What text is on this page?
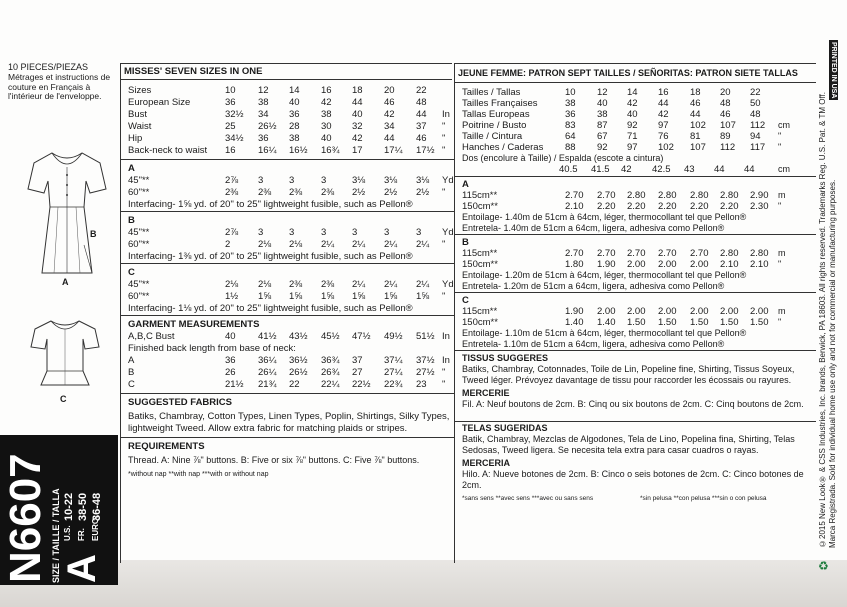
10 PIECES/PIEZAS
Métrages et instructions de couture en Français à l'intérieur de l'enveloppe.
B
A
C
N6607 SIZE / TAILLE / TALLA A
U.S.
10-22
FR.
38-50
EURO.
36-48
MISSES' SEVEN SIZES IN ONE
Sizes	10 12 14 16 18 20 22
European Size	36 38 40 42 44 46 48
Bust	32½ 34 36 38 40 42 44 In
Waist	25 26½ 28 30 32 34 37 "
Hip	34½ 36 38 40 42 44 46 "
Back-neck to waist 16 16¼ 16½ 16¾ 17 17¼ 17½ "
A
45"**	2⅞ 3	3	3	3⅛ 3⅛ 3⅛ Yd
60"**	2⅜ 2⅜ 2⅜ 2⅜ 2½ 2½ 2½ "
Interfacing- 1⅝ yd. of 20" to 25" lightweight fusible, such as Pellon®
B
45"**	2⅞ 3	3	3	3	3	3 Yd
60"**	2	2⅛ 2⅛ 2¼ 2¼ 2¼ 2¼ "
Interfacing- 1⅜ yd. of 20" to 25" lightweight fusible, such as Pellon®
C
45"**	2⅛ 2⅛ 2⅜ 2⅜ 2¼ 2¼ 2¼ Yd
60"**	1½ 1⅝ 1⅝ 1⅝ 1⅝ 1⅝ 1⅝ "
Interfacing- 1⅛ yd. of 20" to 25" lightweight fusible, such as Pellon®
GARMENT MEASUREMENTS
A,B,C Bust	40 41½ 43½ 45½ 47½ 49½ 51½ In
Finished back length from base of neck:
A	36 36¼ 36½ 36¾ 37 37¼ 37½ In
B	26 26¼ 26½ 26¾ 27 27¼ 27½ "
C	21½ 21¾ 22 22¼ 22½ 22¾ 23 "
SUGGESTED FABRICS
Batiks, Chambray, Cotton Types, Linen Types, Poplin, Shirtings, Silky Types, lightweight Tweed. Allow extra fabric for matching plaids or stripes.
REQUIREMENTS
Thread. A: Nine ⅞" buttons. B: Five or six ⅞" buttons. C: Five ⅞" buttons.
*without nap **with nap ***with or without nap
JEUNE FEMME: PATRON SEPT TAILLES / SEÑORITAS: PATRON SIETE TALLAS
Tailles / Tallas	10 12 14 16 18 20 22
Tailles Françaises	38 40 42 44 46 48 50
Tallas Europeas	36 38 40 42 44 46 48
Poitrine / Busto	83 87 92 97 102 107 112 cm
Taille / Cintura	64 67 71 76 81 89 94 "
Hanches / Caderas 88 92 97 102 107 112 117 "
Dos (encolure à Taille) / Espalda (escote a cintura)
40.5 41.5 42 42.5 43 44 44	cm
A
115cm**	2.70 2.70 2.80 2.80 2.80 2.80 2.90 m
150cm**	2.10 2.20 2.20 2.20 2.20 2.20 2.30 "
Entoilage- 1.40m de 51cm à 64cm, léger, thermocollant tel que Pellon®
Entretela- 1.40m de 51cm a 64cm, ligera, adhesiva como Pellon®
B
115cm**	2.70 2.70 2.70 2.70 2.70 2.80 2.80 m
150cm**	1.80 1.90 2.00 2.00 2.00 2.10 2.10 "
Entoilage- 1.20m de 51cm à 64cm, léger, thermocollant tel que Pellon®
Entretela- 1.20m de 51cm a 64cm, ligera, adhesiva como Pellon®
C
115cm**	1.90 2.00 2.00 2.00 2.00 2.00 2.00 m
150cm**	1.40 1.40 1.50 1.50 1.50 1.50 1.50 "
Entoilage- 1.10m de 51cm à 64cm, léger, thermocollant tel que Pellon®
Entretela- 1.10m de 51cm a 64cm, ligera, adhesiva como Pellon®
TISSUS SUGGERES
Batiks, Chambray, Cotonnades, Toile de Lin, Popeline fine, Shirting, Tissus Soyeux, Tweed léger. Prévoyez davantage de tissu pour raccorder les écossais ou rayures.
MERCERIE
Fil. A: Neuf boutons de 2cm. B: Cinq ou six boutons de 2cm. C: Cinq boutons de 2cm.
TELAS SUGERIDAS
Batik, Chambray, Mezclas de Algodones, Tela de Lino, Popelina fina, Shirting, Telas Sedosas, Tweed ligera. Se necesita tela extra para casar cuadros o rayas.
MERCERIA
Hilo. A: Nueve botones de 2cm. B: Cinco o seis botones de 2cm. C: Cinco botones de 2cm.
*sans sens **avec sens ***avec ou sans sens	*sin pelusa **con pelusa ***sin o con pelusa
PRINTED IN USA
©2015 New Look® & CSS Industries, Inc. brands, Berwick, PA 18603. All rights reserved. Trademarks Reg. U.S. Pat. & TM Off. Marca Registrada. Sold for individual home use only and not for commercial or manufacturing purposes.
♻
